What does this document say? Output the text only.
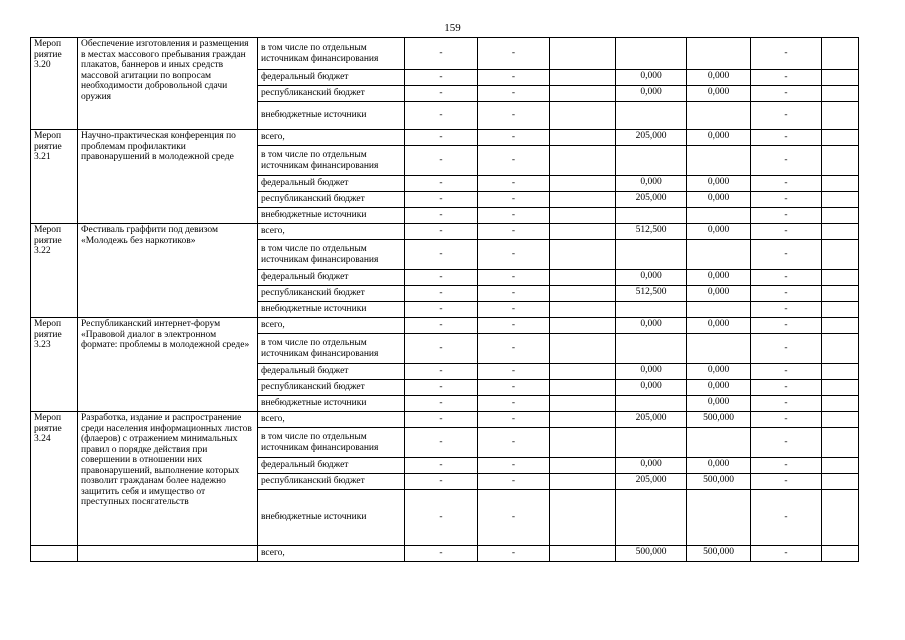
159
Мероп риятие 3.20	Обеспечение изготовления и размещения в местах массового пребывания граждан плакатов, баннеров и иных средств массовой агитации по вопросам необходимости добровольной сдачи оружия	в том числе по отдельным источникам финансирования	-	-				-	
		федеральный бюджет	-	-		0,000	0,000	-	
		республиканский бюджет	-	-		0,000	0,000	-	
		внебюджетные источники	-	-				-	
Мероп риятие 3.21	Научно-практическая конференция по проблемам профилактики правонарушений в молодежной среде	всего,	-	-		205,000	0,000	-	
		в том числе по отдельным источникам финансирования	-	-				-	
		федеральный бюджет	-	-		0,000	0,000	-	
		республиканский бюджет	-	-		205,000	0,000	-	
		внебюджетные источники	-	-				-	
Мероп риятие 3.22	Фестиваль граффити под девизом «Молодежь без наркотиков»	всего,	-	-		512,500	0,000	-	
		в том числе по отдельным источникам финансирования	-	-				-	
		федеральный бюджет	-	-		0,000	0,000	-	
		республиканский бюджет	-	-		512,500	0,000	-	
		внебюджетные источники	-	-				-	
Мероп риятие 3.23	Республиканский интернет-форум «Правовой диалог в электронном формате: проблемы в молодежной среде»	всего,	-	-		0,000	0,000	-	
		в том числе по отдельным источникам финансирования	-	-				-	
		федеральный бюджет	-	-		0,000	0,000	-	
		республиканский бюджет	-	-		0,000	0,000	-	
		внебюджетные источники	-	-			0,000	-	
Мероп риятие 3.24	Разработка, издание и распространение среди населения информационных листов (флаеров) с отражением минимальных правил о порядке действия при совершении в отношении них правонарушений, выполнение которых позволит гражданам более надежно защитить себя и имущество от преступных посягательств	всего,	-	-		205,000	500,000	-	
		в том числе по отдельным источникам финансирования	-	-				-	
		федеральный бюджет	-	-		0,000	0,000	-	
		республиканский бюджет	-	-		205,000	500,000	-	
		внебюджетные источники	-	-				-	
		всего,	-	-		500,000	500,000	-	
